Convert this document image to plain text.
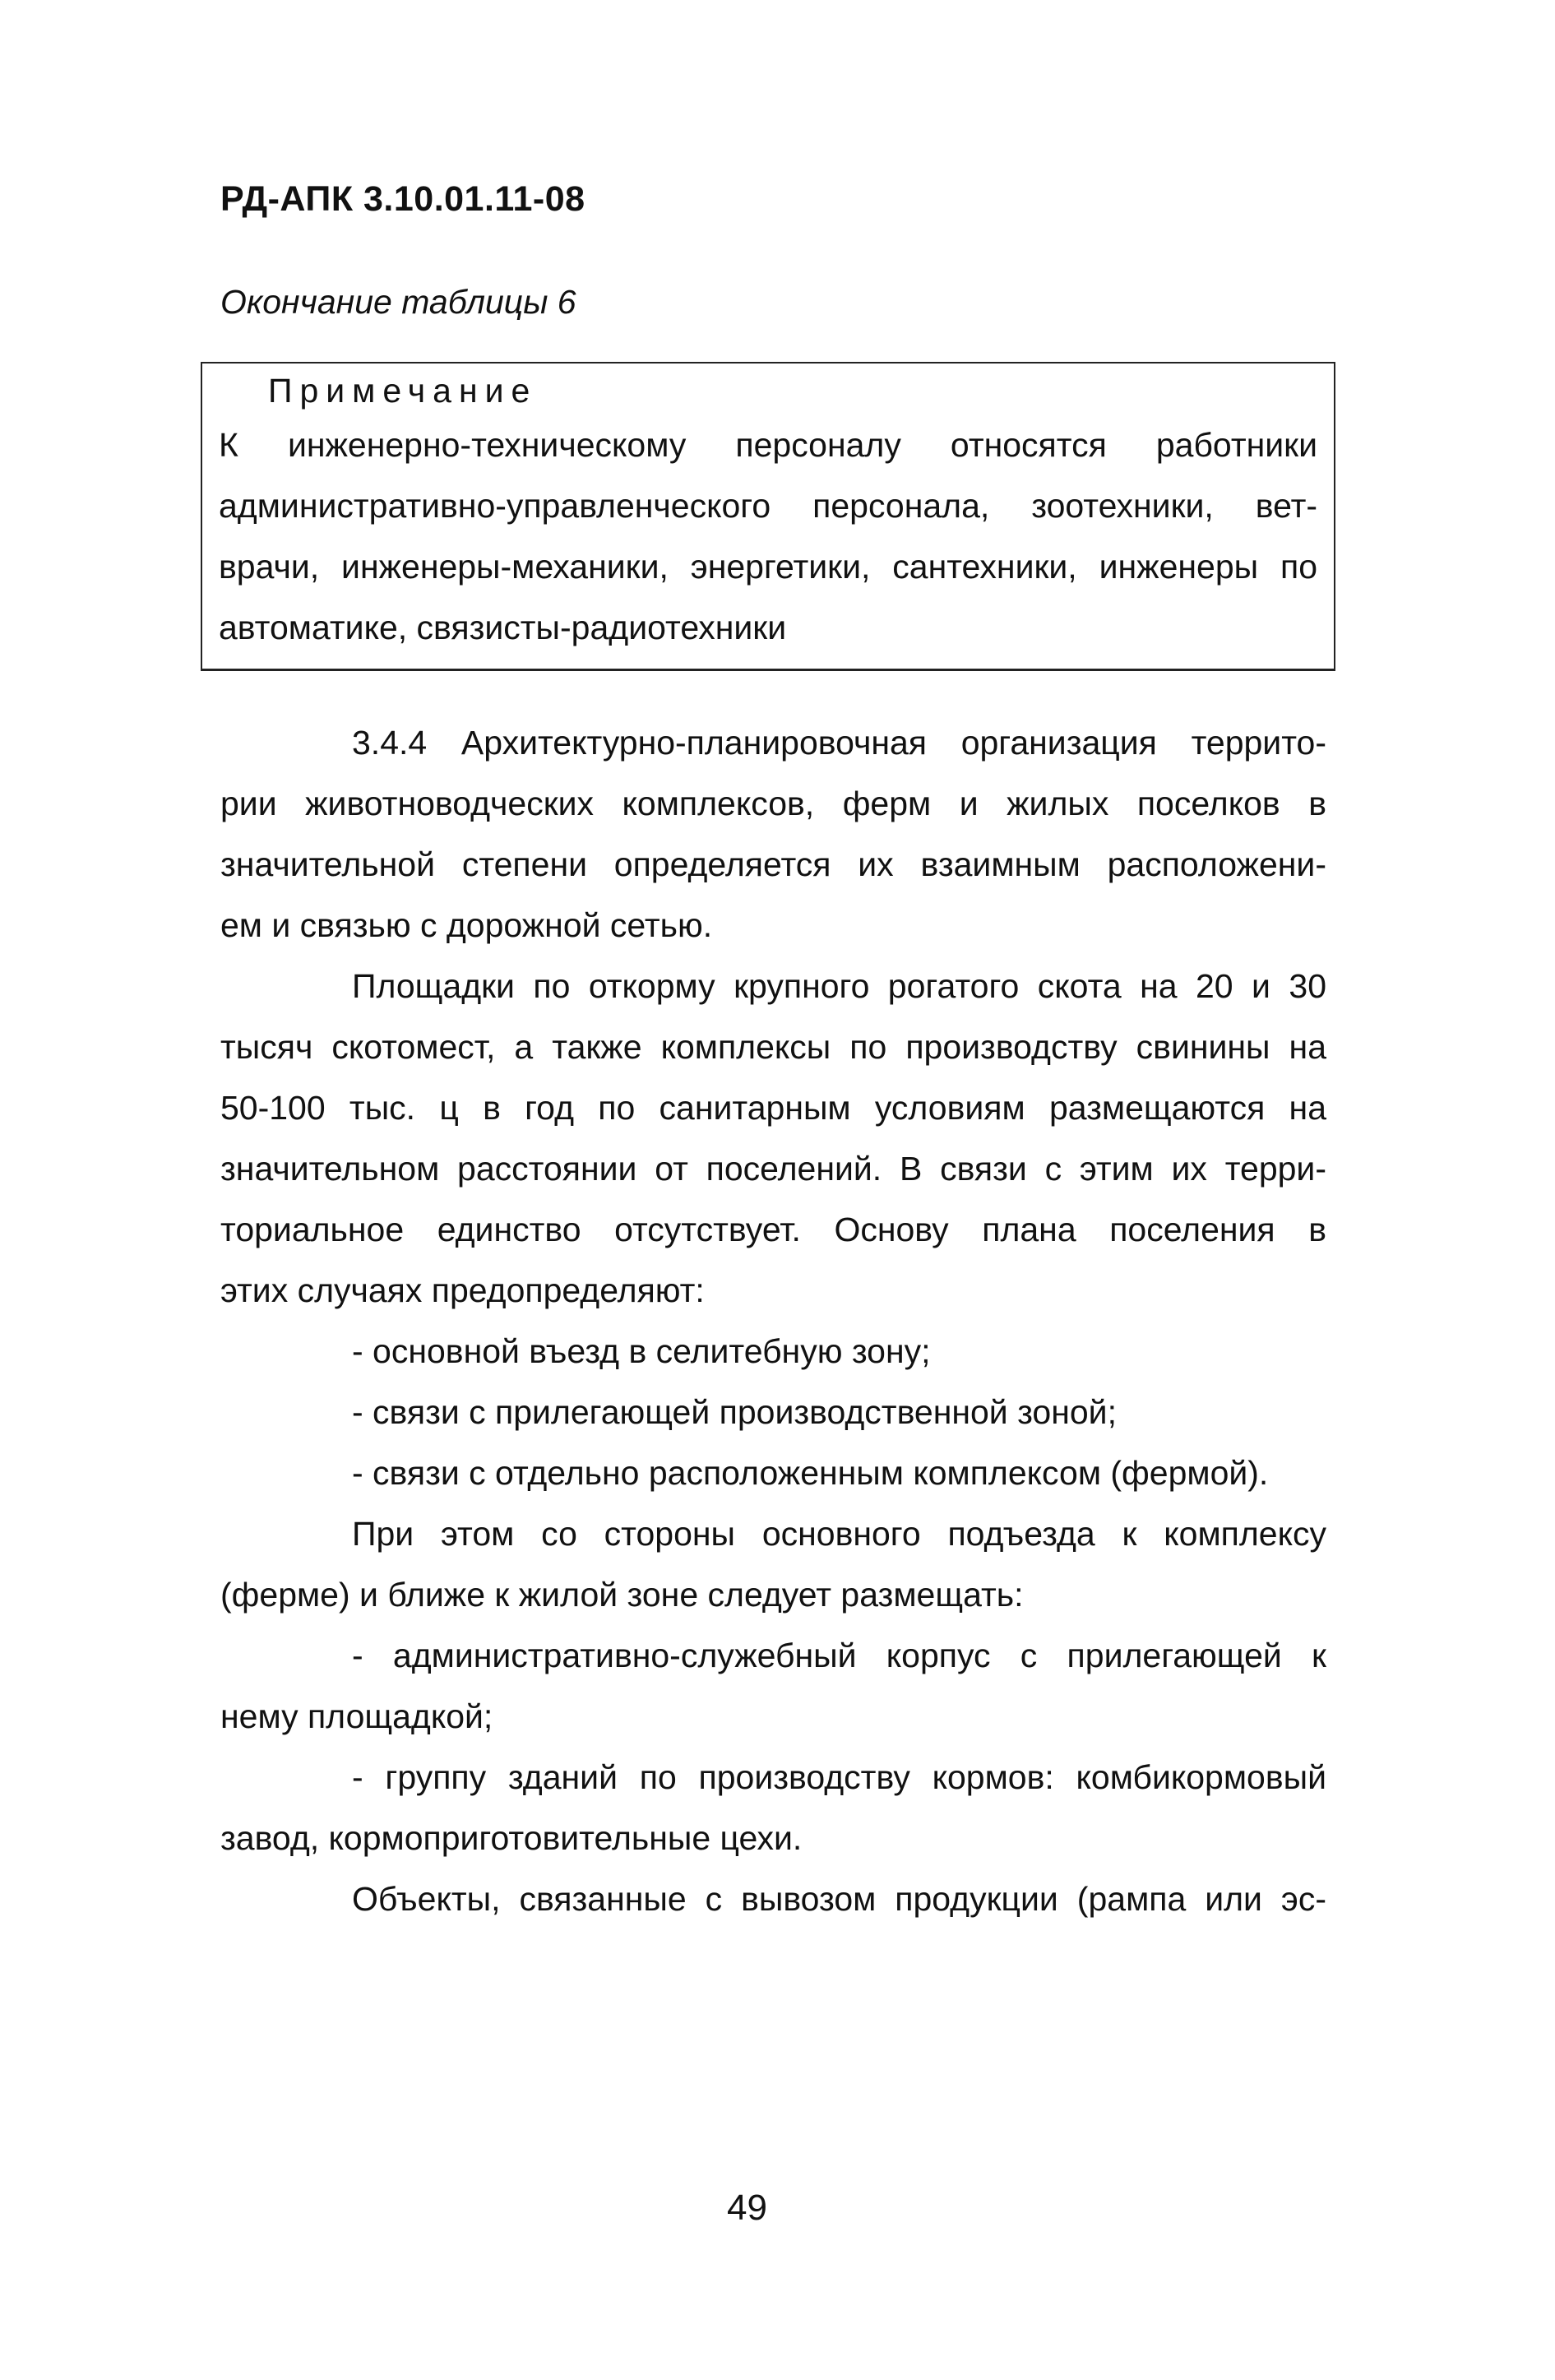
РД-АПК 3.10.01.11-08
Окончание таблицы 6
Примечание
К инженерно-техническому персоналу относятся работники
административно-управленческого персонала, зоотехники, вет-
врачи, инженеры-механики, энергетики, сантехники, инженеры по
автоматике, связисты-радиотехники
3.4.4 Архитектурно-планировочная организация террито-
рии животноводческих комплексов, ферм и жилых поселков в
значительной степени определяется их взаимным расположени-
ем и связью с дорожной сетью.
Площадки по откорму крупного рогатого скота на 20 и 30
тысяч скотомест, а также комплексы по производству свинины на
50-100 тыс. ц в год по санитарным условиям размещаются на
значительном расстоянии от поселений. В связи с этим их терри-
ториальное единство отсутствует. Основу плана поселения в
этих случаях предопределяют:
- основной въезд в селитебную зону;
- связи с прилегающей производственной зоной;
- связи с отдельно расположенным комплексом (фермой).
При этом со стороны основного подъезда к комплексу
(ферме) и ближе к жилой зоне следует размещать:
- административно-служебный корпус с прилегающей к
нему площадкой;
- группу зданий по производству кормов: комбикормовый
завод, кормоприготовительные цехи.
Объекты, связанные с вывозом продукции (рампа или эс-
49
